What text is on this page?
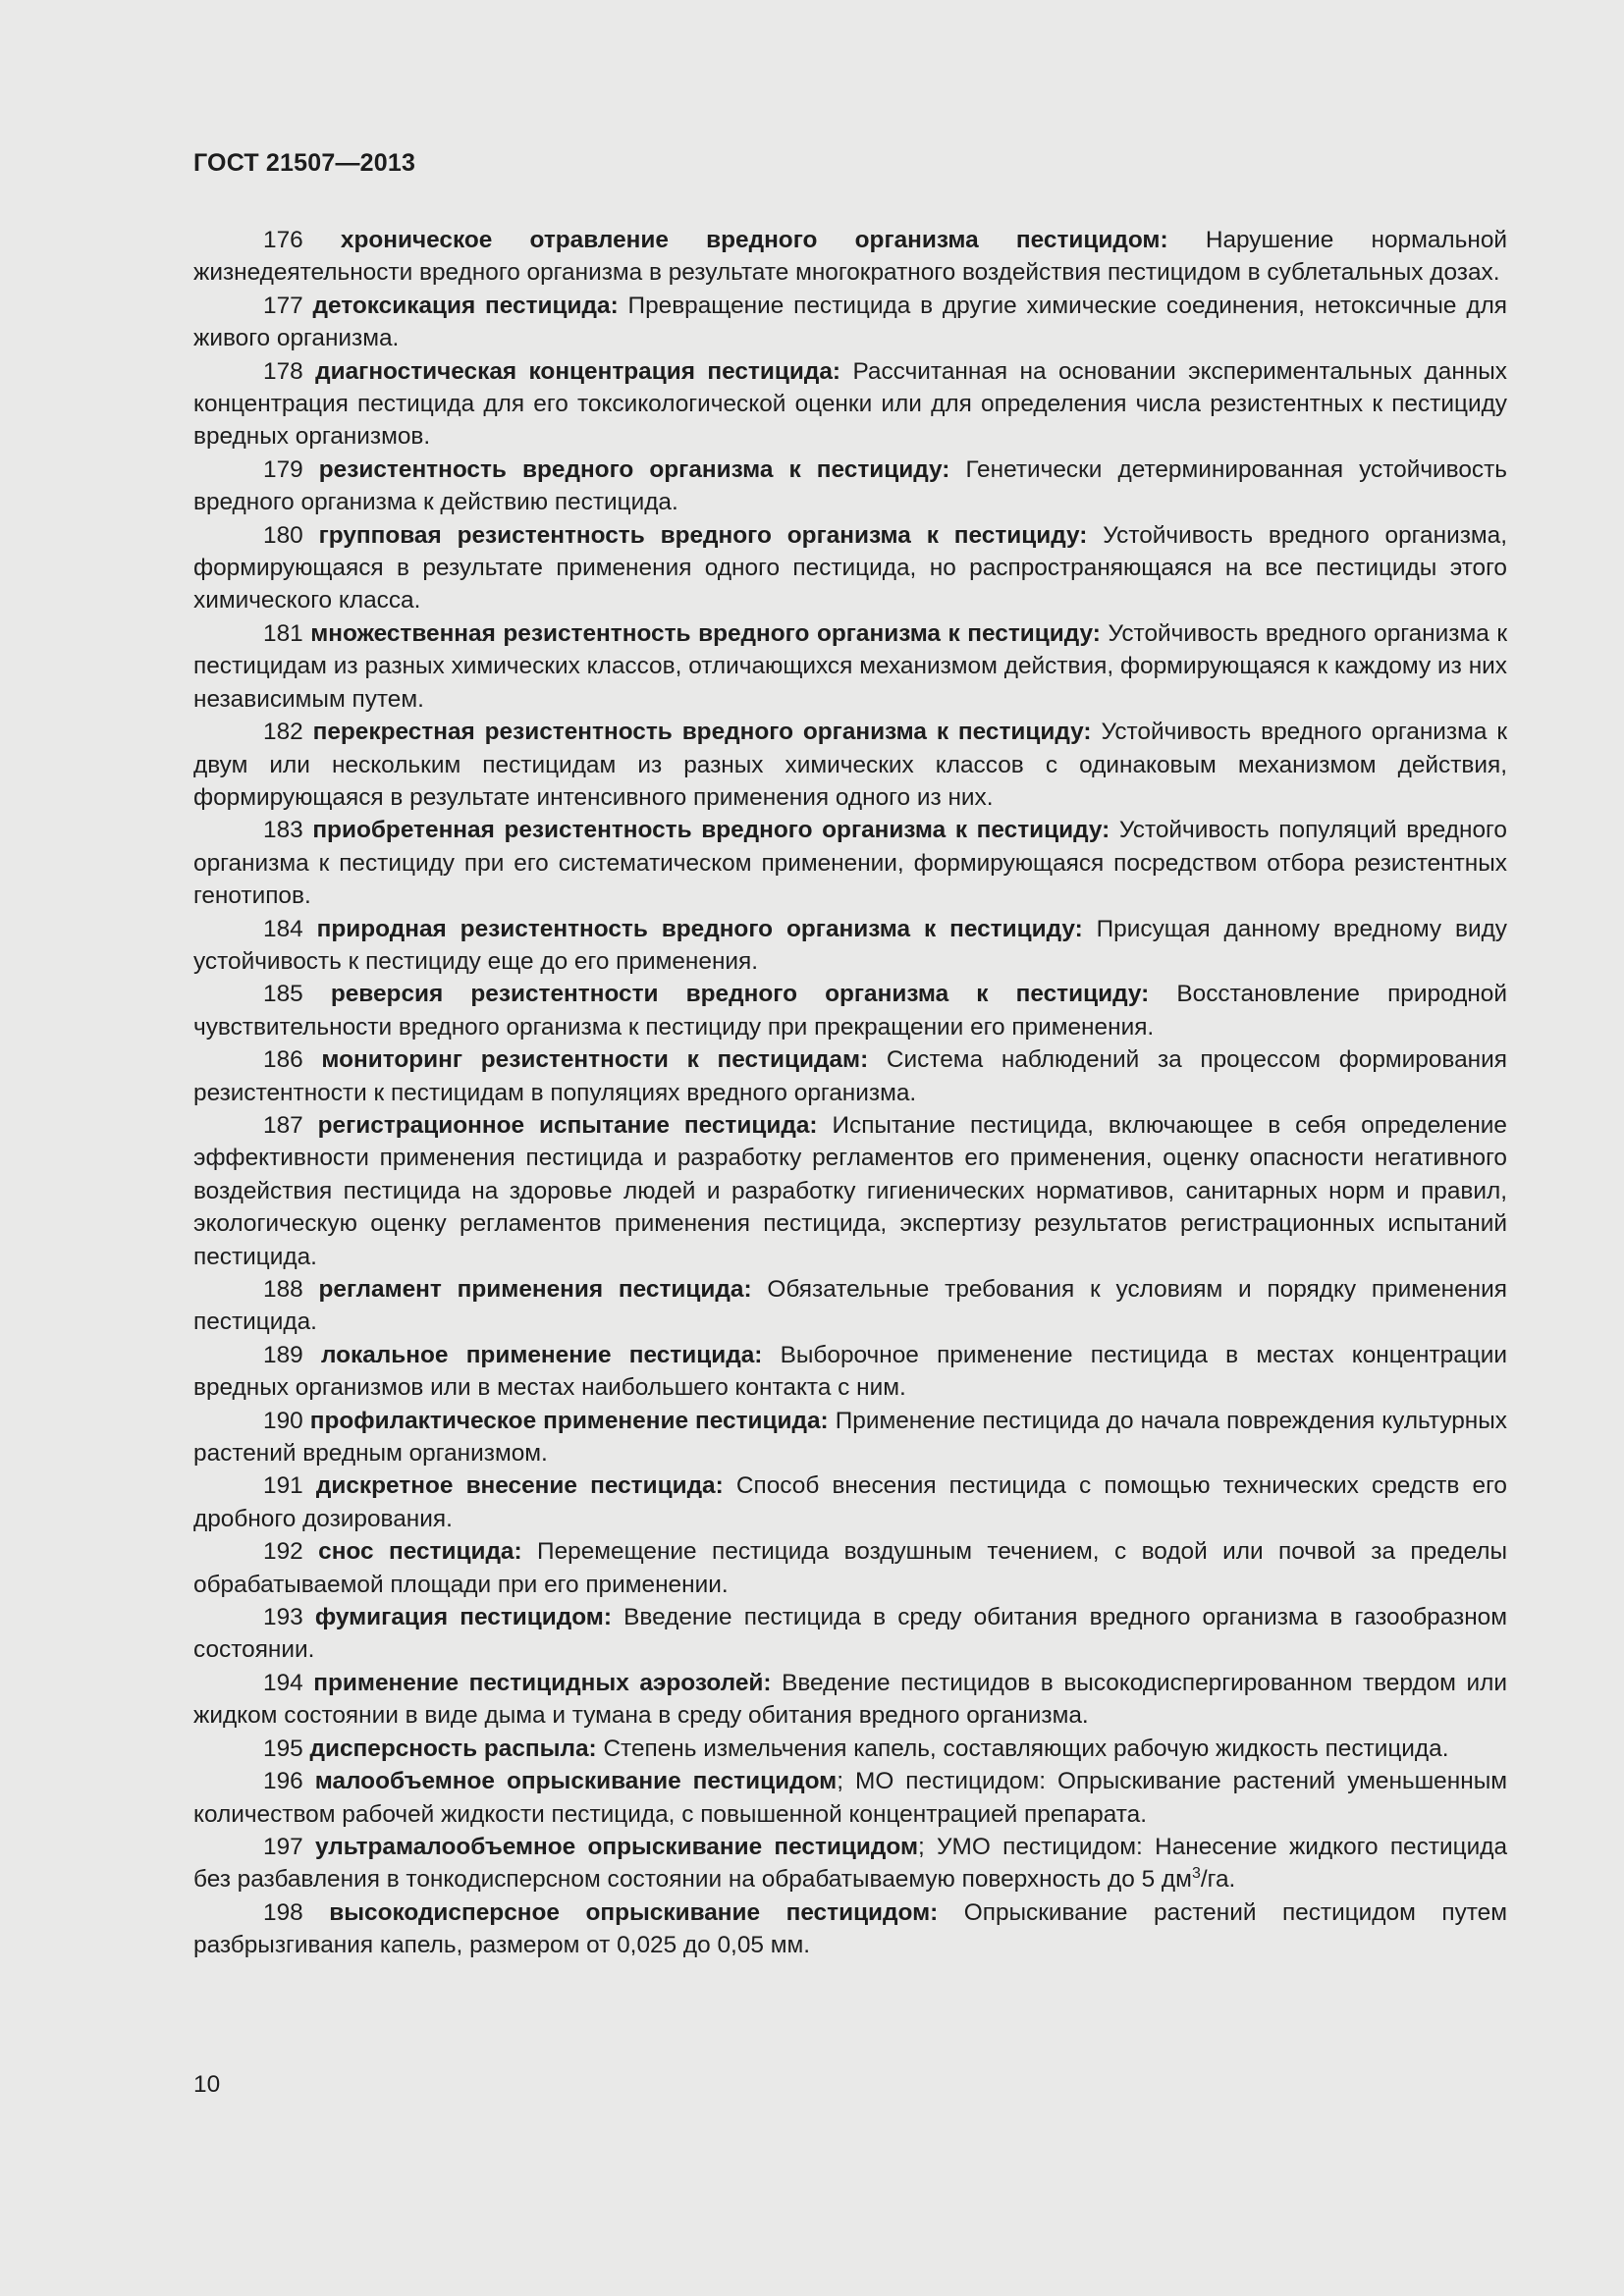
ГОСТ 21507—2013

176 хроническое отравление вредного организма пестицидом: Нарушение нормальной жизнедеятельности вредного организма в результате многократного воздействия пестицидом в сублетальных дозах.

177 детоксикация пестицида: Превращение пестицида в другие химические соединения, нетоксичные для живого организма.

178 диагностическая концентрация пестицида: Рассчитанная на основании экспериментальных данных концентрация пестицида для его токсикологической оценки или для определения числа резистентных к пестициду вредных организмов.

179 резистентность вредного организма к пестициду: Генетически детерминированная устойчивость вредного организма к действию пестицида.

180 групповая резистентность вредного организма к пестициду: Устойчивость вредного организма, формирующаяся в результате применения одного пестицида, но распространяющаяся на все пестициды этого химического класса.

181 множественная резистентность вредного организма к пестициду: Устойчивость вредного организма к пестицидам из разных химических классов, отличающихся механизмом действия, формирующаяся к каждому из них независимым путем.

182 перекрестная резистентность вредного организма к пестициду: Устойчивость вредного организма к двум или нескольким пестицидам из разных химических классов с одинаковым механизмом действия, формирующаяся в результате интенсивного применения одного из них.

183 приобретенная резистентность вредного организма к пестициду: Устойчивость популяций вредного организма к пестициду при его систематическом применении, формирующаяся посредством отбора резистентных генотипов.

184 природная резистентность вредного организма к пестициду: Присущая данному вредному виду устойчивость к пестициду еще до его применения.

185 реверсия резистентности вредного организма к пестициду: Восстановление природной чувствительности вредного организма к пестициду при прекращении его применения.

186 мониторинг резистентности к пестицидам: Система наблюдений за процессом формирования резистентности к пестицидам в популяциях вредного организма.

187 регистрационное испытание пестицида: Испытание пестицида, включающее в себя определение эффективности применения пестицида и разработку регламентов его применения, оценку опасности негативного воздействия пестицида на здоровье людей и разработку гигиенических нормативов, санитарных норм и правил, экологическую оценку регламентов применения пестицида, экспертизу результатов регистрационных испытаний пестицида.

188 регламент применения пестицида: Обязательные требования к условиям и порядку применения пестицида.

189 локальное применение пестицида: Выборочное применение пестицида в местах концентрации вредных организмов или в местах наибольшего контакта с ним.

190 профилактическое применение пестицида: Применение пестицида до начала повреждения культурных растений вредным организмом.

191 дискретное внесение пестицида: Способ внесения пестицида с помощью технических средств его дробного дозирования.

192 снос пестицида: Перемещение пестицида воздушным течением, с водой или почвой за пределы обрабатываемой площади при его применении.

193 фумигация пестицидом: Введение пестицида в среду обитания вредного организма в газообразном состоянии.

194 применение пестицидных аэрозолей: Введение пестицидов в высокодиспергированном твердом или жидком состоянии в виде дыма и тумана в среду обитания вредного организма.

195 дисперсность распыла: Степень измельчения капель, составляющих рабочую жидкость пестицида.

196 малообъемное опрыскивание пестицидом; МО пестицидом: Опрыскивание растений уменьшенным количеством рабочей жидкости пестицида, с повышенной концентрацией препарата.

197 ультрамалообъемное опрыскивание пестицидом; УМО пестицидом: Нанесение жидкого пестицида без разбавления в тонкодисперсном состоянии на обрабатываемую поверхность до 5 $дм^3/га$.

198 высокодисперсное опрыскивание пестицидом: Опрыскивание растений пестицидом путем разбрызгивания капель, размером от 0,025 до 0,05 мм.

10
